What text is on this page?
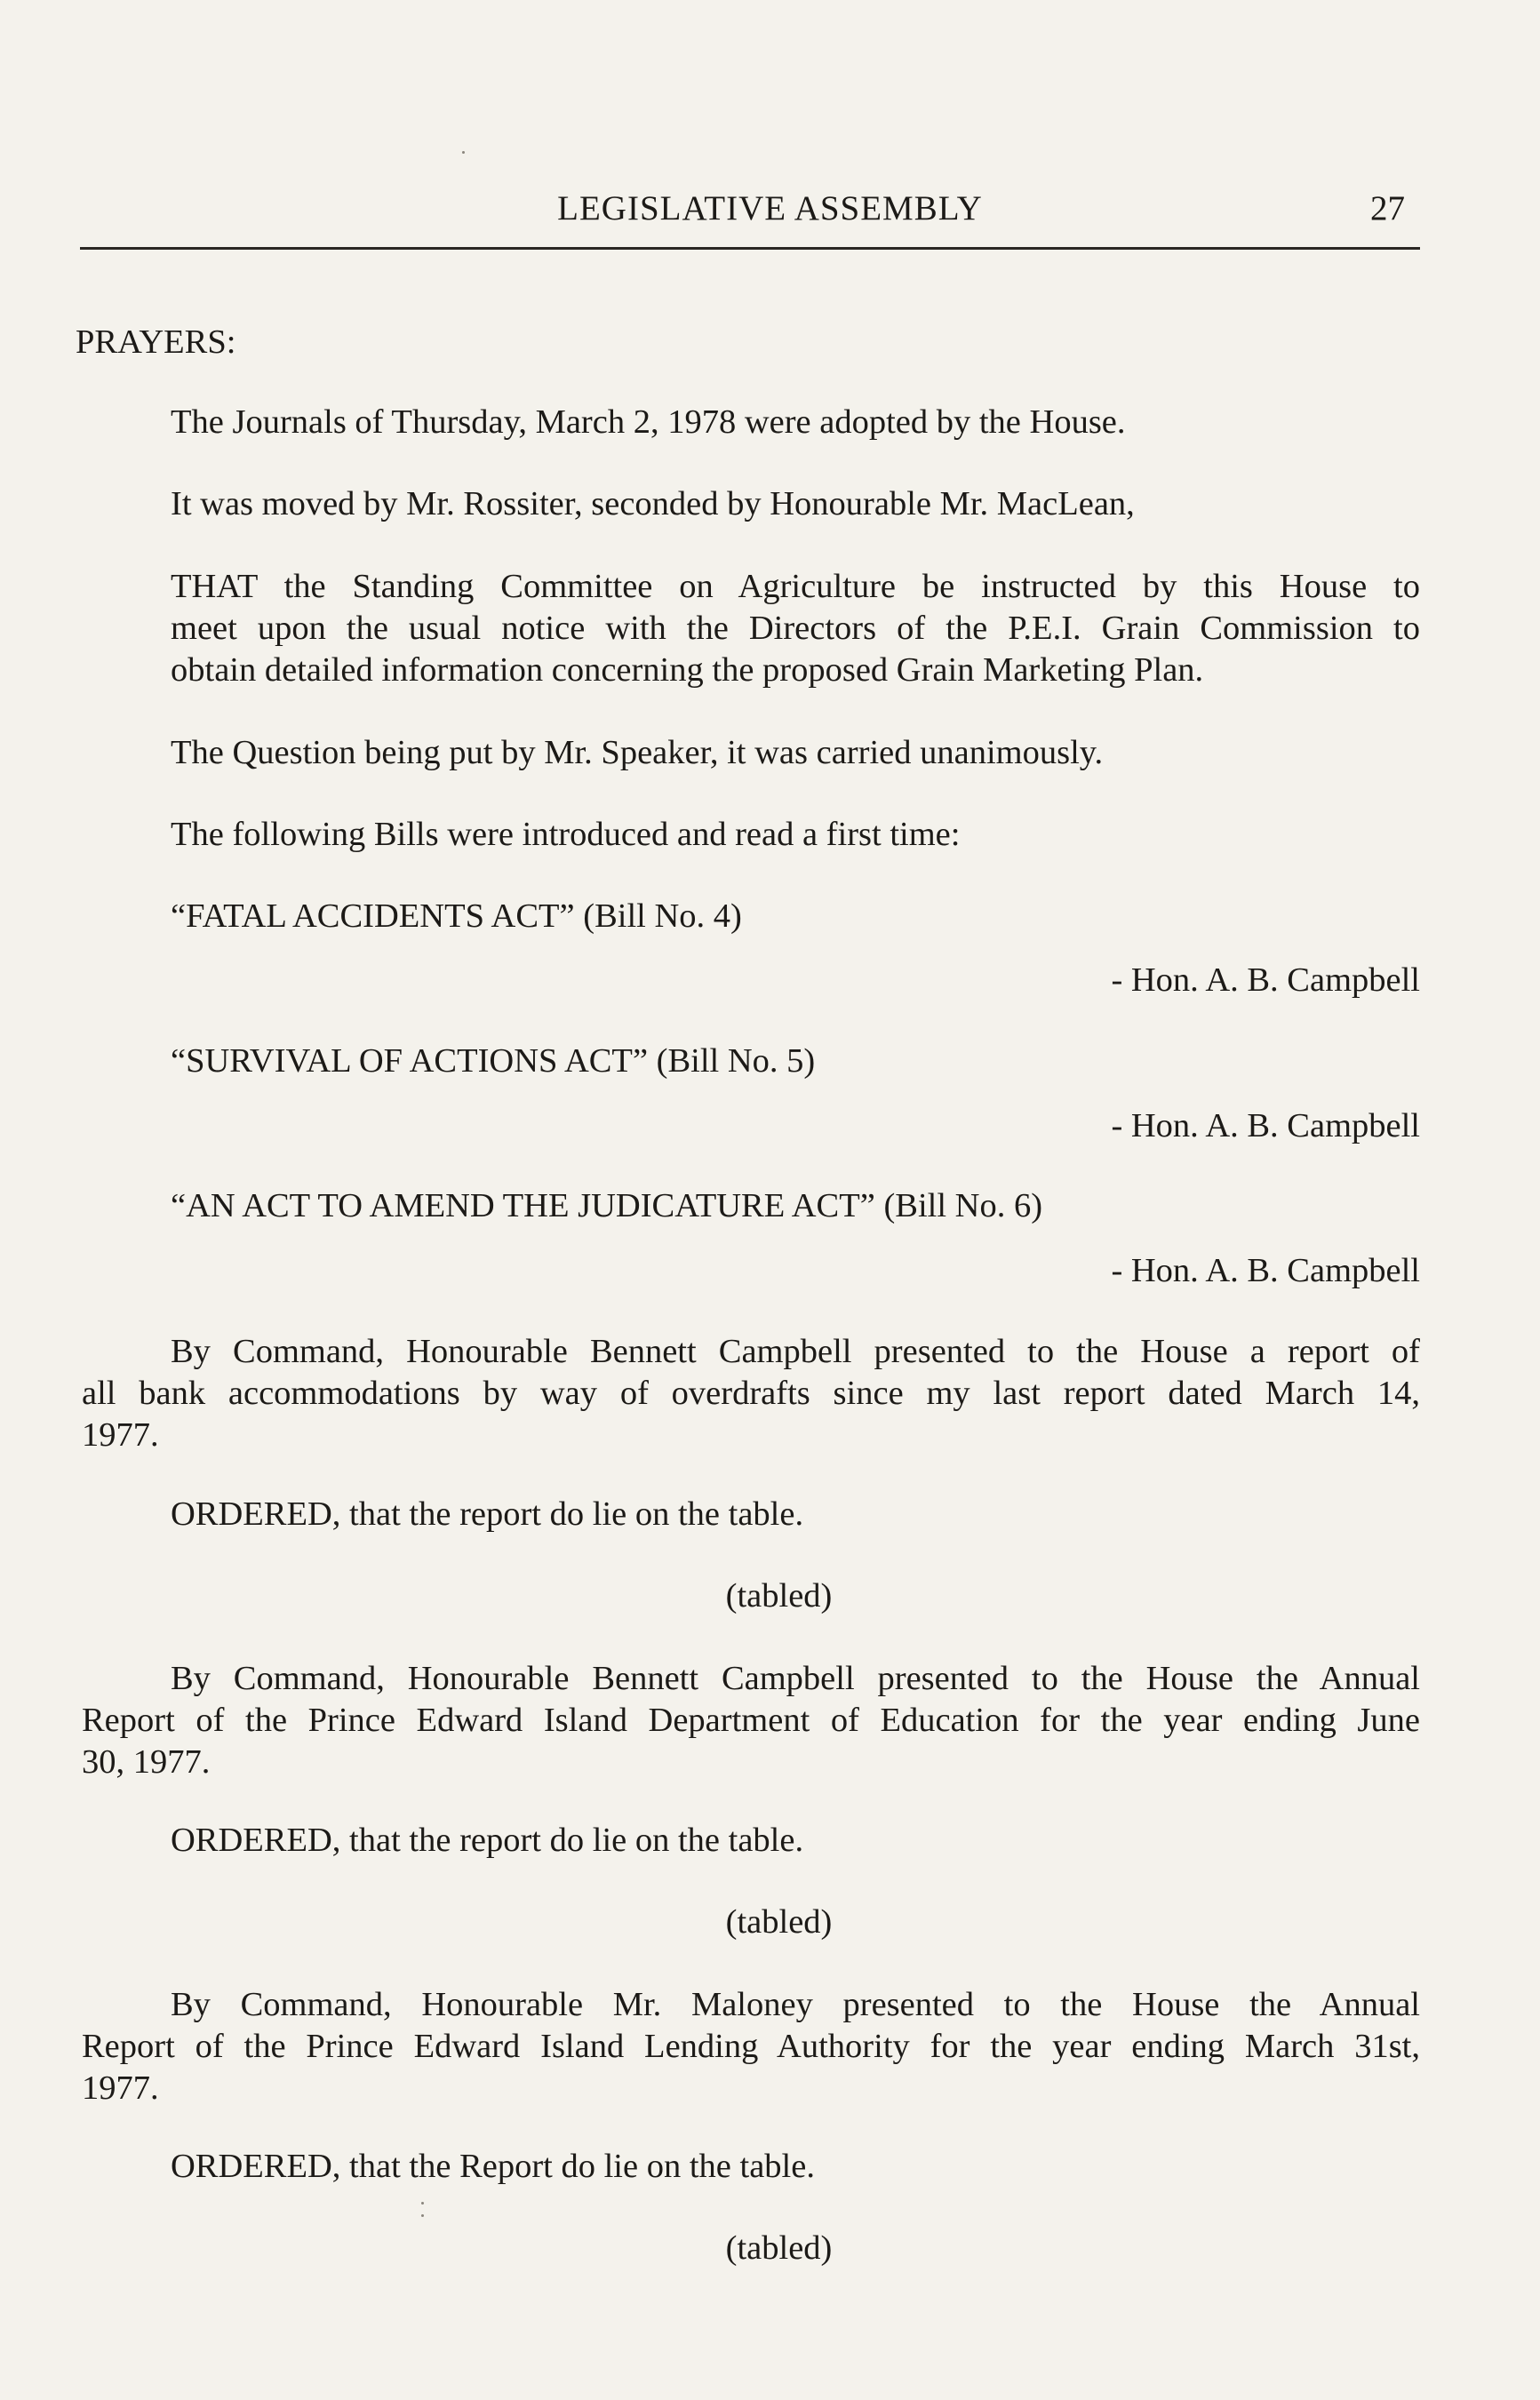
LEGISLATIVE ASSEMBLY	27
PRAYERS:
The Journals of Thursday, March 2, 1978 were adopted by the House.
It was moved by Mr. Rossiter, seconded by Honourable Mr. MacLean,
THAT the Standing Committee on Agriculture be instructed by this House to
meet upon the usual notice with the Directors of the P.E.I. Grain Commission to
obtain detailed information concerning the proposed Grain Marketing Plan.
The Question being put by Mr. Speaker, it was carried unanimously.
The following Bills were introduced and read a first time:
“FATAL ACCIDENTS ACT” (Bill No. 4)
- Hon. A. B. Campbell
“SURVIVAL OF ACTIONS ACT” (Bill No. 5)
- Hon. A. B. Campbell
“AN ACT TO AMEND THE JUDICATURE ACT” (Bill No. 6)
- Hon. A. B. Campbell
By Command, Honourable Bennett Campbell presented to the House a report of
all bank accommodations by way of overdrafts since my last report dated March 14,
1977.
ORDERED, that the report do lie on the table.
(tabled)
By Command, Honourable Bennett Campbell presented to the House the Annual
Report of the Prince Edward Island Department of Education for the year ending June
30, 1977.
ORDERED, that the report do lie on the table.
(tabled)
By Command, Honourable Mr. Maloney presented to the House the Annual
Report of the Prince Edward Island Lending Authority for the year ending March 31st,
1977.
ORDERED, that the Report do lie on the table.
(tabled)
